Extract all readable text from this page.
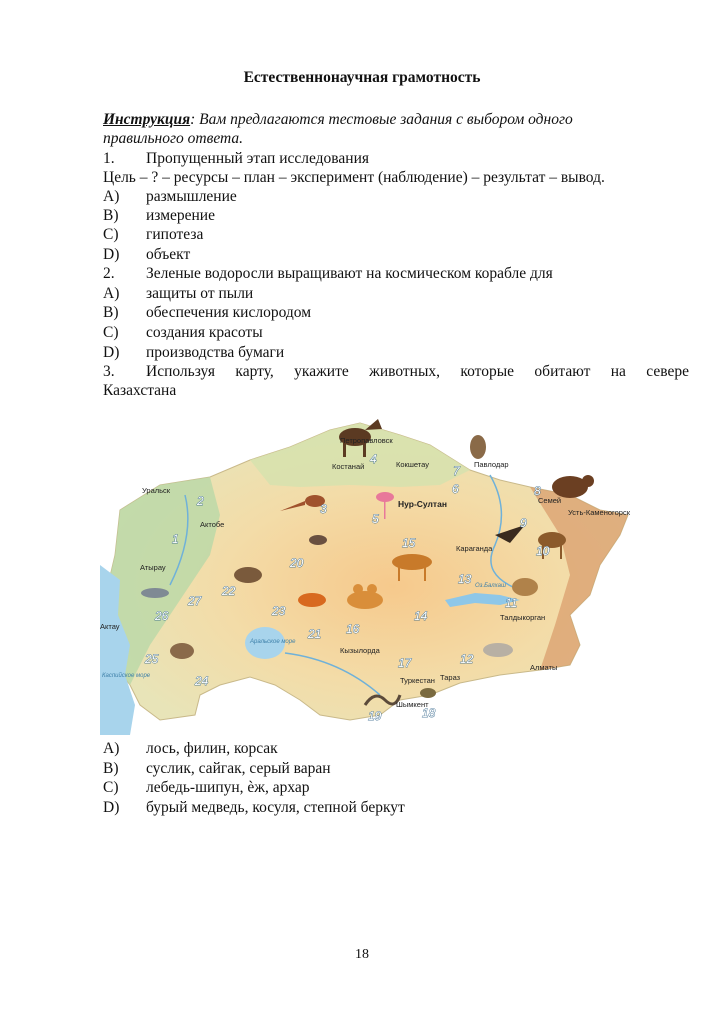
Естественнонаучная грамотность
Инструкция: Вам предлагаются тестовые задания с выбором одного
правильного ответа.
1. Пропущенный этап исследования
Цель – ? – ресурсы – план – эксперимент (наблюдение) – результат – вывод.
A) размышление
B) измерение
C) гипотеза
D) объект
2. Зеленые водоросли выращивают на космическом корабле для
A) защиты от пыли
B) обеспечения кислородом
C) создания красоты
D) производства бумаги
3. Используя карту, укажите животных, которые обитают на севере
Казахстана
Петропавловск
Костанай	Кокшетау	Павлодар
Уральск
Нур-Султан	Семей
Усть-Каменогорск
Актобе
Караганда
Атырау
Актау
Оз.Балхаш
Талдыкорган
Кызылорда
Алматы
Тараз
Туркестан
Шымкент
Аральское море
Каспийское море
1
2
3
4
5
6
7
8
9
10
11
12
13
14
15
16
17
18
19
20
21
22
23
24
25
26
27
A) лось, филин, корсак
B) суслик, сайгак, серый варан
C) лебедь-шипун, ѐж, архар
D) бурый медведь, косуля, степной беркут
18
